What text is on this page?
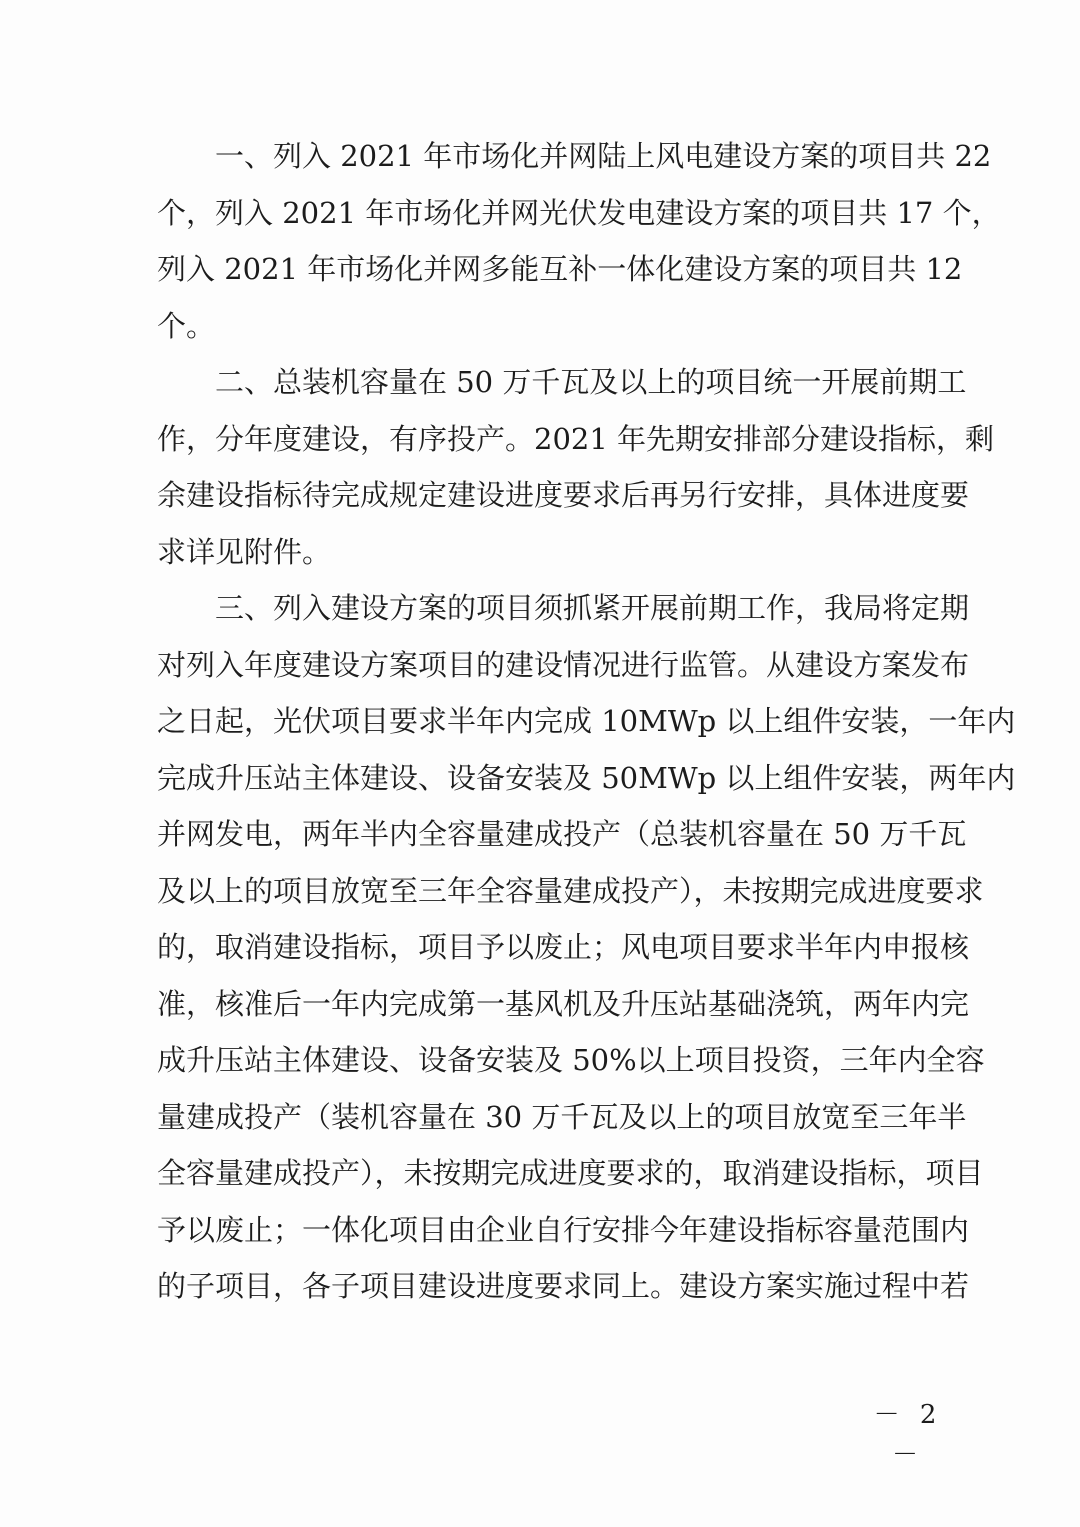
一、列入 2021 年市场化并网陆上风电建设方案的项目共 22
个，列入 2021 年市场化并网光伏发电建设方案的项目共 17 个，
列入 2021 年市场化并网多能互补一体化建设方案的项目共 12
个。
二、总装机容量在 50 万千瓦及以上的项目统一开展前期工
作，分年度建设，有序投产。2021 年先期安排部分建设指标，剩
余建设指标待完成规定建设进度要求后再另行安排，具体进度要
求详见附件。
三、列入建设方案的项目须抓紧开展前期工作，我局将定期
对列入年度建设方案项目的建设情况进行监管。从建设方案发布
之日起，光伏项目要求半年内完成 10MWp 以上组件安装，一年内
完成升压站主体建设、设备安装及 50MWp 以上组件安装，两年内
并网发电，两年半内全容量建成投产（总装机容量在 50 万千瓦
及以上的项目放宽至三年全容量建成投产），未按期完成进度要求
的，取消建设指标，项目予以废止；风电项目要求半年内申报核
准，核准后一年内完成第一基风机及升压站基础浇筑，两年内完
成升压站主体建设、设备安装及 50%以上项目投资，三年内全容
量建成投产（装机容量在 30 万千瓦及以上的项目放宽至三年半
全容量建成投产），未按期完成进度要求的，取消建设指标，项目
予以废止；一体化项目由企业自行安排今年建设指标容量范围内
的子项目，各子项目建设进度要求同上。建设方案实施过程中若
－ 2 －
